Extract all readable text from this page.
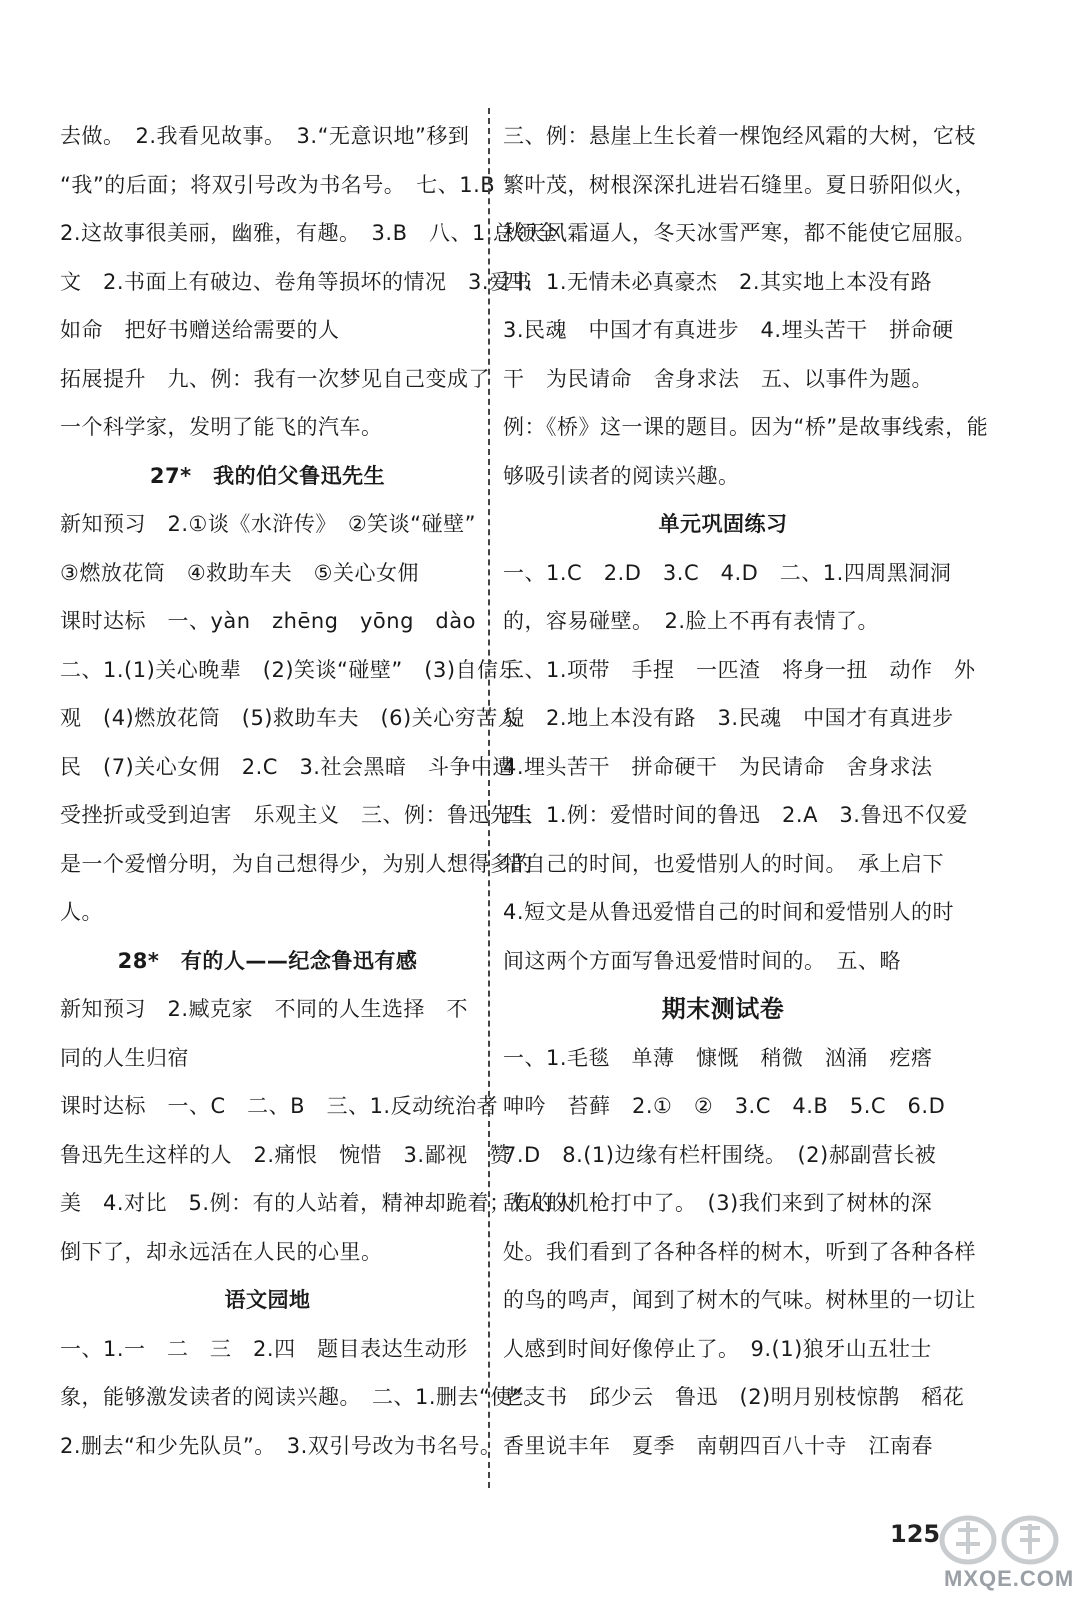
去做。　2.我看见故事。　3.“无意识地”移到
“我”的后面；将双引号改为书名号。　七、1.B
2.这故事很美丽，幽雅，有趣。　3.B　八、1.总领全
文　2.书面上有破边、卷角等损坏的情况　3.爱书
如命　把好书赠送给需要的人
拓展提升　九、例：我有一次梦见自己变成了
一个科学家，发明了能飞的汽车。
27*　我的伯父鲁迅先生
新知预习　2.①谈《水浒传》　②笑谈“碰壁”
③燃放花筒　④救助车夫　⑤关心女佣
课时达标　一、yàn　zhēng　yōng　dào
二、1.(1)关心晚辈　(2)笑谈“碰壁”　(3)自信乐
观　(4)燃放花筒　(5)救助车夫　(6)关心穷苦人
民　(7)关心女佣　2.C　3.社会黑暗　斗争中遭
受挫折或受到迫害　乐观主义　三、例：鲁迅先生
是一个爱憎分明，为自己想得少，为别人想得多的
人。
28*　有的人——纪念鲁迅有感
新知预习　2.臧克家　不同的人生选择　不
同的人生归宿
课时达标　一、C　二、B　三、1.反动统治者
鲁迅先生这样的人　2.痛恨　惋惜　3.鄙视　赞
美　4.对比　5.例：有的人站着，精神却跪着；有的人
倒下了，却永远活在人民的心里。
语文园地
一、1.一　二　三　2.四　题目表达生动形
象，能够激发读者的阅读兴趣。　二、1.删去“使”。
2.删去“和少先队员”。　3.双引号改为书名号。
三、例：悬崖上生长着一棵饱经风霜的大树，它枝
繁叶茂，树根深深扎进岩石缝里。夏日骄阳似火，
秋天风霜逼人，冬天冰雪严寒，都不能使它屈服。
四、1.无情未必真豪杰　2.其实地上本没有路
3.民魂　中国才有真进步　4.埋头苦干　拼命硬
干　为民请命　舍身求法　五、以事件为题。
例：《桥》这一课的题目。因为“桥”是故事线索，能
够吸引读者的阅读兴趣。
单元巩固练习
一、1.C　2.D　3.C　4.D　二、1.四周黑洞洞
的，容易碰壁。　2.脸上不再有表情了。
三、1.项带　手捏　一匹渣　将身一扭　动作　外
貌　2.地上本没有路　3.民魂　中国才有真进步
4.埋头苦干　拼命硬干　为民请命　舍身求法
四、1.例：爱惜时间的鲁迅　2.A　3.鲁迅不仅爱
惜自己的时间，也爱惜别人的时间。　承上启下
4.短文是从鲁迅爱惜自己的时间和爱惜别人的时
间这两个方面写鲁迅爱惜时间的。　五、略
期末测试卷
一、1.毛毯　单薄　慷慨　稍微　汹涌　疙瘩
呻吟　苔藓　2.①　②　3.C　4.B　5.C　6.D
7.D　8.(1)边缘有栏杆围绕。　(2)郝副营长被
敌人的机枪打中了。　(3)我们来到了树林的深
处。我们看到了各种各样的树木，听到了各种各样
的鸟的鸣声，闻到了树木的气味。树林里的一切让
人感到时间好像停止了。　9.(1)狼牙山五壮士
老支书　邱少云　鲁迅　(2)明月别枝惊鹊　稻花
香里说丰年　夏季　南朝四百八十寺　江南春
125
MXQE.COM
